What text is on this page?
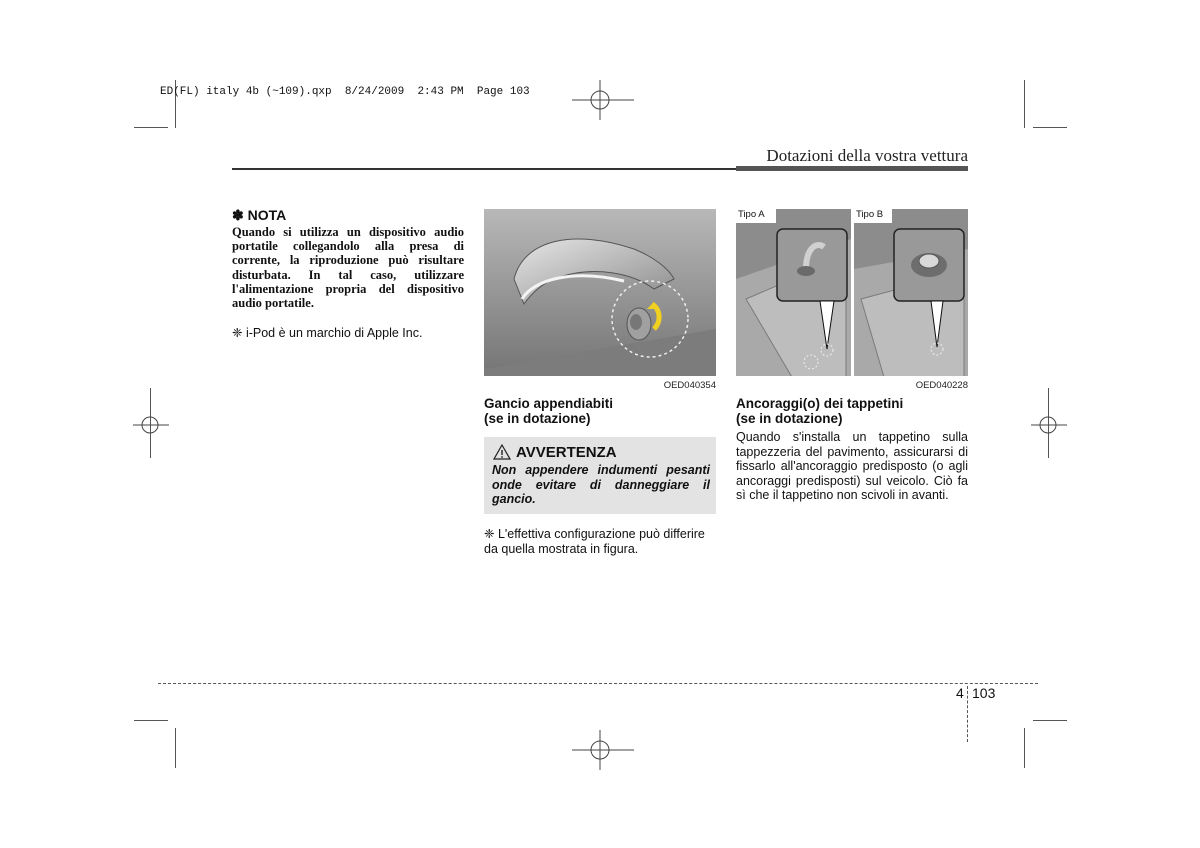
ED(FL) italy 4b (~109).qxp  8/24/2009  2:43 PM  Page 103
Dotazioni della vostra vettura
✽ NOTA
Quando si utilizza un dispositivo audio portatile collegandolo alla presa di corrente, la riproduzione può risultare disturbata. In tal caso, utilizzare l'alimentazione propria del dispositivo audio portatile.
❈ i-Pod è un marchio di Apple Inc.
OED040354
Gancio appendiabiti
(se in dotazione)
AVVERTENZA
Non appendere indumenti pesanti onde evitare di danneggiare il gancio.
❈ L'effettiva configurazione può differire da quella mostrata in figura.
Tipo A	Tipo B
OED040228
Ancoraggi(o) dei tappetini
(se in dotazione)
Quando s'installa un tappetino sulla tappezzeria del pavimento, assicurarsi di fissarlo all'ancoraggio predisposto (o agli ancoraggi predisposti) sul veicolo. Ciò fa sì che il tappetino non scivoli in avanti.
4 103
